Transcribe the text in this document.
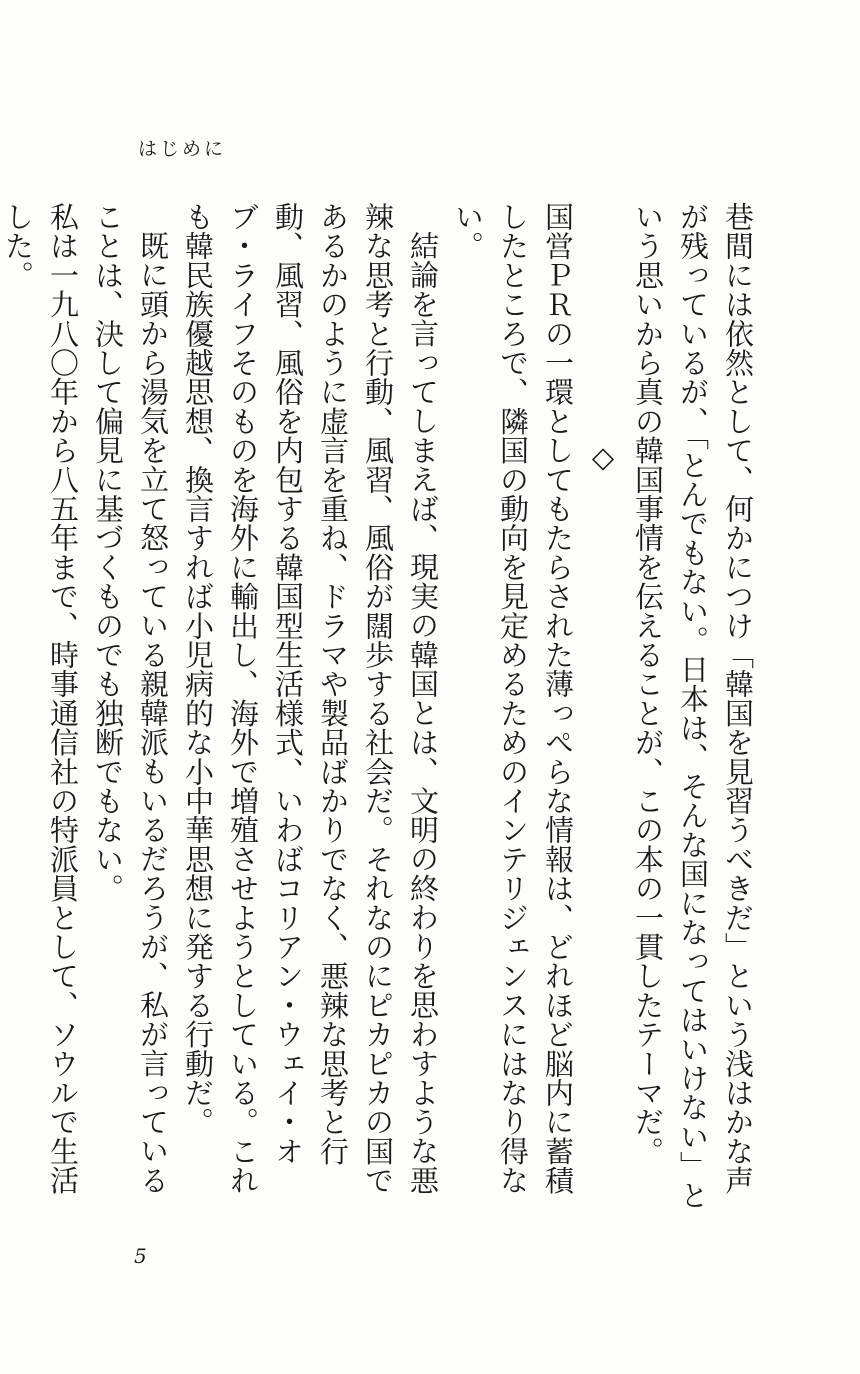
はじめに

巷間には依然として、何かにつけ「韓国を見習うべきだ」という浅はかな声が残っているが、「とんでもない。日本は、そんな国になってはいけない」という思いから真の韓国事情を伝えることが、この本の一貫したテーマだ。

◇

国営ＰＲの一環としてもたらされた薄っぺらな情報は、どれほど脳内に蓄積したところで、隣国の動向を見定めるためのインテリジェンスにはなり得ない。

結論を言ってしまえば、現実の韓国とは、文明の終わりを思わすような悪辣な思考と行動、風習、風俗が闊歩する社会だ。それなのにピカピカの国であるかのように虚言を重ね、ドラマや製品ばかりでなく、悪辣な思考と行動、風習、風俗を内包する韓国型生活様式、いわばコリアン・ウェイ・オブ・ライフそのものを海外に輸出し、海外で増殖させようとしている。これも韓民族優越思想、換言すれば小児病的な小中華思想に発する行動だ。

既に頭から湯気を立て怒っている親韓派もいるだろうが、私が言っていることは、決して偏見に基づくものでも独断でもない。

私は一九八〇年から八五年まで、時事通信社の特派員として、ソウルで生活した。

5
